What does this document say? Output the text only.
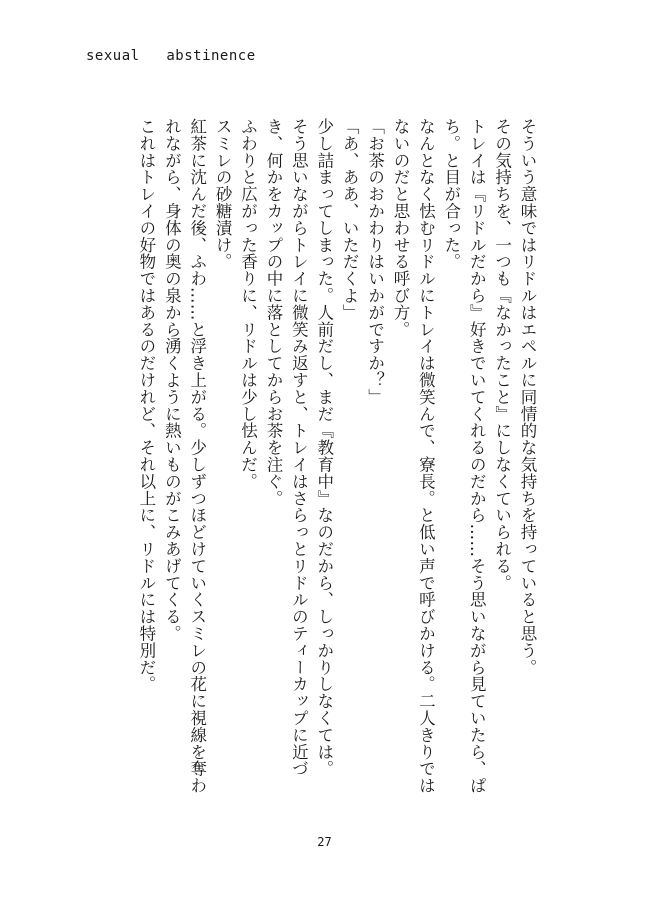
sexual   abstinence

そういう意味ではリドルはエペルに同情的な気持ちを持っていると思う。

その気持ちを、一つも『なかったこと』にしなくていられる。

トレイは『リドルだから』好きでいてくれるのだから……そう思いながら見ていたら、ぱち。と目が合った。

なんとなく怯むリドルにトレイは微笑んで、寮長。と低い声で呼びかける。二人きりではないのだと思わせる呼び方。

「お茶のおかわりはいかがですか？」

「あ、ああ、いただくよ」

少し詰まってしまった。人前だし、まだ『教育中』なのだから、しっかりしなくては。

そう思いながらトレイに微笑み返すと、トレイはさらっとリドルのティーカップに近づき、何かをカップの中に落としてからお茶を注ぐ。

ふわりと広がった香りに、リドルは少し怯んだ。

スミレの砂糖漬け。

紅茶に沈んだ後、ふわ……と浮き上がる。少しずつほどけていくスミレの花に視線を奪われながら、身体の奥の泉から湧くように熱いものがこみあげてくる。

これはトレイの好物ではあるのだけれど、それ以上に、リドルには特別だ。

27
